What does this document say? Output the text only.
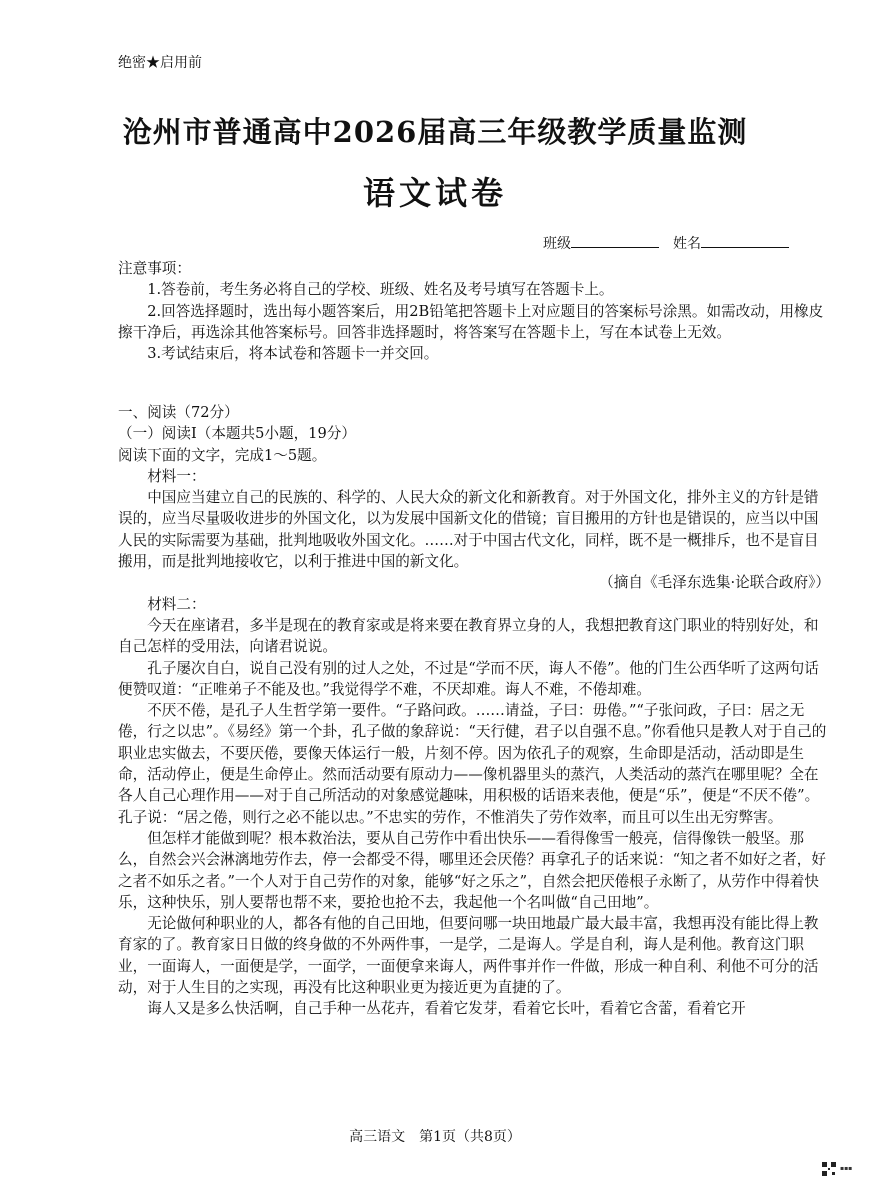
绝密★启用前
沧州市普通高中2026届高三年级教学质量监测
语文试卷
班级	姓名

注意事项：

1.答卷前，考生务必将自己的学校、班级、姓名及考号填写在答题卡上。

2.回答选择题时，选出每小题答案后，用2B铅笔把答题卡上对应题目的答案标号涂黑。如需改动，用橡皮擦干净后，再选涂其他答案标号。回答非选择题时，将答案写在答题卡上，写在本试卷上无效。

3.考试结束后，将本试卷和答题卡一并交回。

一、阅读（72分）

（一）阅读Ⅰ（本题共5小题，19分）

阅读下面的文字，完成1～5题。

材料一：

中国应当建立自己的民族的、科学的、人民大众的新文化和新教育。对于外国文化，排外主义的方针是错误的，应当尽量吸收进步的外国文化，以为发展中国新文化的借镜；盲目搬用的方针也是错误的，应当以中国人民的实际需要为基础，批判地吸收外国文化。……对于中国古代文化，同样，既不是一概排斥，也不是盲目搬用，而是批判地接收它，以利于推进中国的新文化。

（摘自《毛泽东选集·论联合政府》）

材料二：

今天在座诸君，多半是现在的教育家或是将来要在教育界立身的人，我想把教育这门职业的特别好处，和自己怎样的受用法，向诸君说说。

孔子屡次自白，说自己没有别的过人之处，不过是“学而不厌，诲人不倦”。他的门生公西华听了这两句话便赞叹道：“正唯弟子不能及也。”我觉得学不难，不厌却难。诲人不难，不倦却难。

不厌不倦，是孔子人生哲学第一要件。“子路问政。……请益，子曰：毋倦。”“子张问政，子曰：居之无倦，行之以忠”。《易经》第一个卦，孔子做的象辞说：“天行健，君子以自强不息。”你看他只是教人对于自己的职业忠实做去，不要厌倦，要像天体运行一般，片刻不停。因为依孔子的观察，生命即是活动，活动即是生命，活动停止，便是生命停止。然而活动要有原动力——像机器里头的蒸汽，人类活动的蒸汽在哪里呢？全在各人自己心理作用——对于自己所活动的对象感觉趣味，用积极的话语来表他，便是“乐”，便是“不厌不倦”。孔子说：“居之倦，则行之必不能以忠。”不忠实的劳作，不惟消失了劳作效率，而且可以生出无穷弊害。

但怎样才能做到呢？根本救治法，要从自己劳作中看出快乐——看得像雪一般亮，信得像铁一般坚。那么，自然会兴会淋漓地劳作去，停一会都受不得，哪里还会厌倦？再拿孔子的话来说：“知之者不如好之者，好之者不如乐之者。”一个人对于自己劳作的对象，能够“好之乐之”，自然会把厌倦根子永断了，从劳作中得着快乐，这种快乐，别人要帮也帮不来，要抢也抢不去，我起他一个名叫做“自己田地”。

无论做何种职业的人，都各有他的自己田地，但要问哪一块田地最广最大最丰富，我想再没有能比得上教育家的了。教育家日日做的终身做的不外两件事，一是学，二是诲人。学是自利，诲人是利他。教育这门职业，一面诲人，一面便是学，一面学，一面便拿来诲人，两件事并作一件做，形成一种自利、利他不可分的活动，对于人生目的之实现，再没有比这种职业更为接近更为直捷的了。

诲人又是多么快活啊，自己手种一丛花卉，看着它发芽，看着它长叶，看着它含蕾，看着它开

高三语文　第1页（共8页）
▪▪▪
